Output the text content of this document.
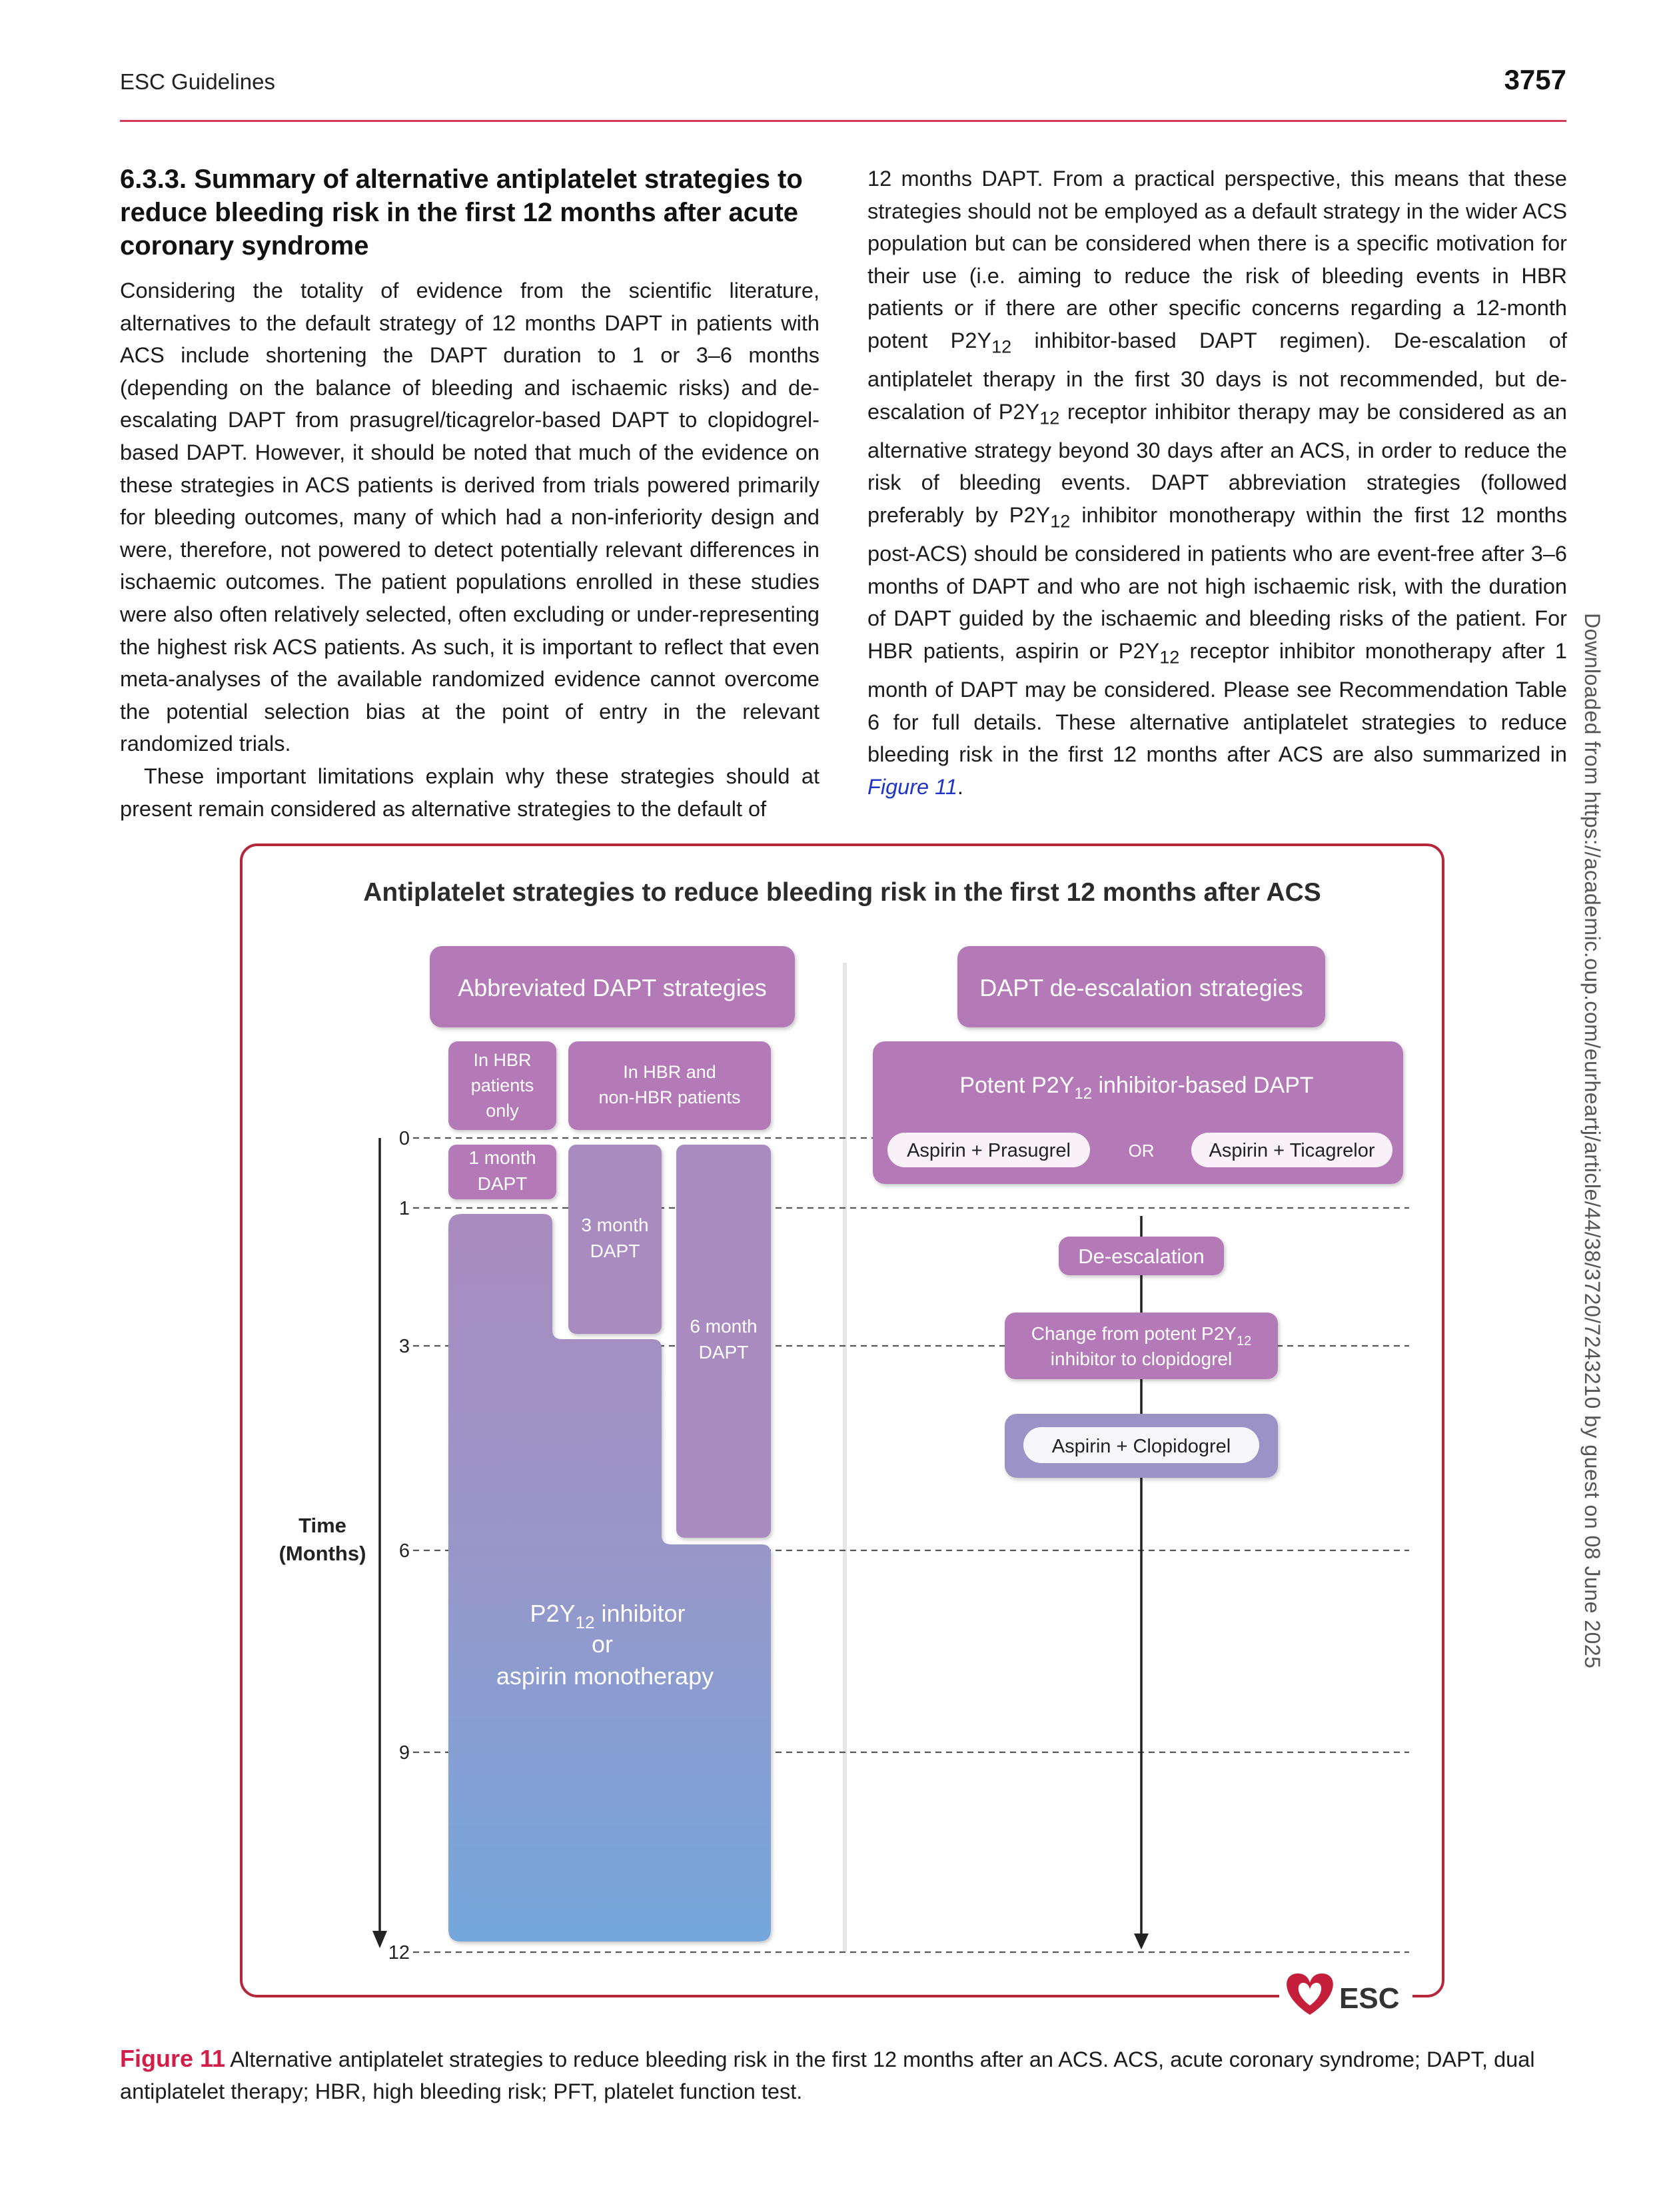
ESC Guidelines	3757
6.3.3. Summary of alternative antiplatelet strategies to reduce bleeding risk in the first 12 months after acute coronary syndrome

Considering the totality of evidence from the scientific literature, alternatives to the default strategy of 12 months DAPT in patients with ACS include shortening the DAPT duration to 1 or 3–6 months (depending on the balance of bleeding and ischaemic risks) and de-escalating DAPT from prasugrel/ticagrelor-based DAPT to clopidogrel-based DAPT. However, it should be noted that much of the evidence on these strategies in ACS patients is derived from trials powered primarily for bleeding outcomes, many of which had a non-inferiority design and were, therefore, not powered to detect potentially relevant differences in ischaemic outcomes. The patient populations enrolled in these studies were also often relatively selected, often excluding or under-representing the highest risk ACS patients. As such, it is important to reflect that even meta-analyses of the available randomized evidence cannot overcome the potential selection bias at the point of entry in the relevant randomized trials.

These important limitations explain why these strategies should at present remain considered as alternative strategies to the default of

12 months DAPT. From a practical perspective, this means that these strategies should not be employed as a default strategy in the wider ACS population but can be considered when there is a specific motivation for their use (i.e. aiming to reduce the risk of bleeding events in HBR patients or if there are other specific concerns regarding a 12-month potent $P2Y_{12}$ inhibitor-based DAPT regimen). De-escalation of antiplatelet therapy in the first 30 days is not recommended, but de-escalation of $P2Y_{12}$ receptor inhibitor therapy may be considered as an alternative strategy beyond 30 days after an ACS, in order to reduce the risk of bleeding events. DAPT abbreviation strategies (followed preferably by $P2Y_{12}$ inhibitor monotherapy within the first 12 months post-ACS) should be considered in patients who are event-free after 3–6 months of DAPT and who are not high ischaemic risk, with the duration of DAPT guided by the ischaemic and bleeding risks of the patient. For HBR patients, aspirin or $P2Y_{12}$ receptor inhibitor monotherapy after 1 month of DAPT may be considered. Please see Recommendation Table 6 for full details. These alternative antiplatelet strategies to reduce bleeding risk in the first 12 months after ACS are also summarized in Figure 11.	Downloaded from https://academic.oup.com/eurheartj/article/44/38/3720/7243210 by guest on 08 June 2025
Antiplatelet strategies to reduce bleeding risk in the first 12 months after ACS
0
1
3
6
9
12
Time
(Months)
Abbreviated DAPT strategies	DAPT de-escalation strategies
In HBR
patients
only
In HBR and
non-HBR patients
1 month
DAPT
3 month
DAPT
6 month
DAPT
$P2Y_{12}$ inhibitor
or
aspirin monotherapy
Potent $P2Y_{12}$ inhibitor-based DAPT
Aspirin + Prasugrel	OR	Aspirin + Ticagrelor
De-escalation
Change from potent $P2Y_{12}$
inhibitor to clopidogrel
Aspirin + Clopidogrel
ESC
Figure 11 Alternative antiplatelet strategies to reduce bleeding risk in the first 12 months after an ACS. ACS, acute coronary syndrome; DAPT, dual antiplatelet therapy; HBR, high bleeding risk; PFT, platelet function test.
